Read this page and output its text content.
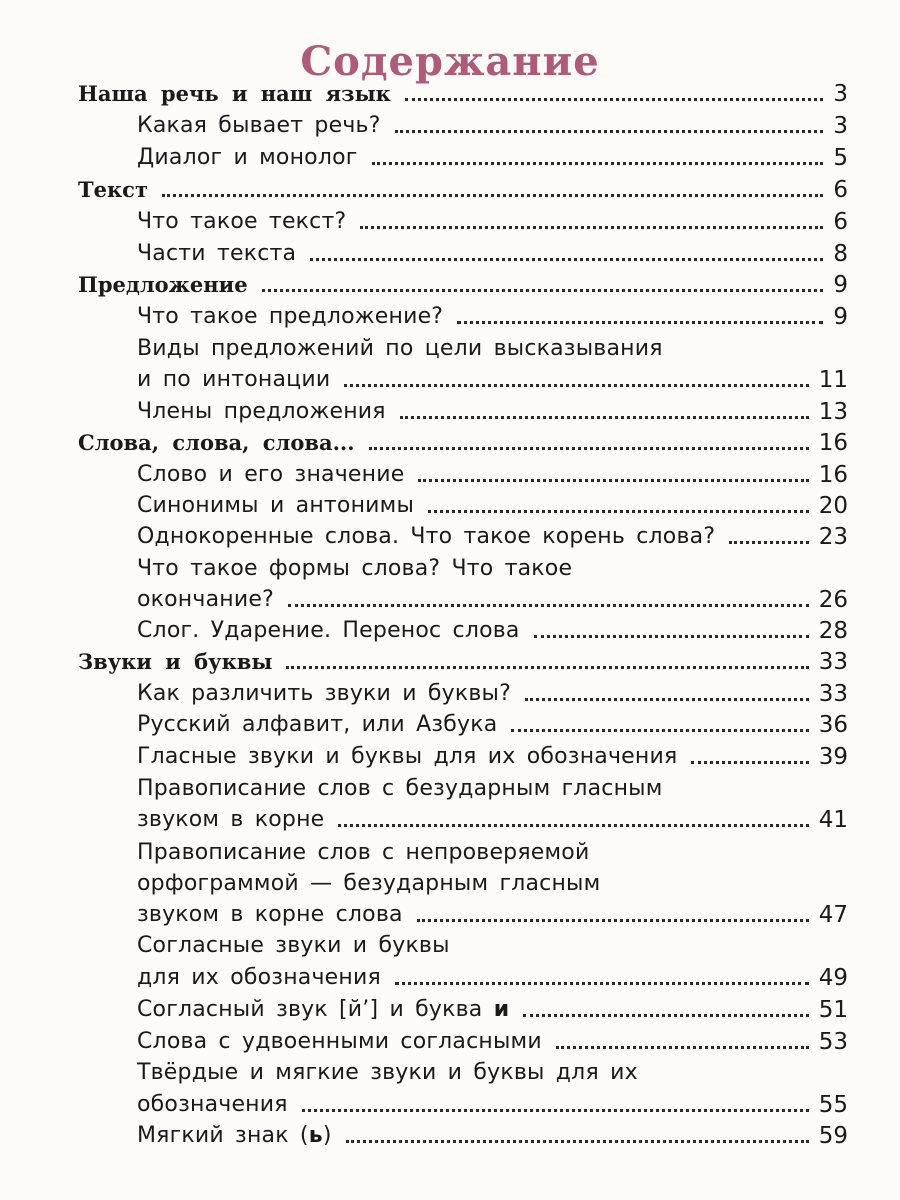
Содержание
Наша речь и наш язык	3
Какая бывает речь?	3
Диалог и монолог	5
Текст	6
Что такое текст?	6
Части текста	8
Предложение	9
Что такое предложение?	9
Виды предложений по цели высказывания
и по интонации	11
Члены предложения	13
Слова, слова, слова...	16
Слово и его значение	16
Синонимы и антонимы	20
Однокоренные слова. Что такое корень слова?	23
Что такое формы слова? Что такое
окончание?	26
Слог. Ударение. Перенос слова	28
Звуки и буквы	33
Как различить звуки и буквы?	33
Русский алфавит, или Азбука	36
Гласные звуки и буквы для их обозначения	39
Правописание слов с безударным гласным
звуком в корне	41
Правописание слов с непроверяемой
орфограммой — безударным гласным
звуком в корне слова	47
Согласные звуки и буквы
для их обозначения	49
Согласный звук [й’] и буква и	51
Слова с удвоенными согласными	53
Твёрдые и мягкие звуки и буквы для их
обозначения	55
Мягкий знак (ь)	59
